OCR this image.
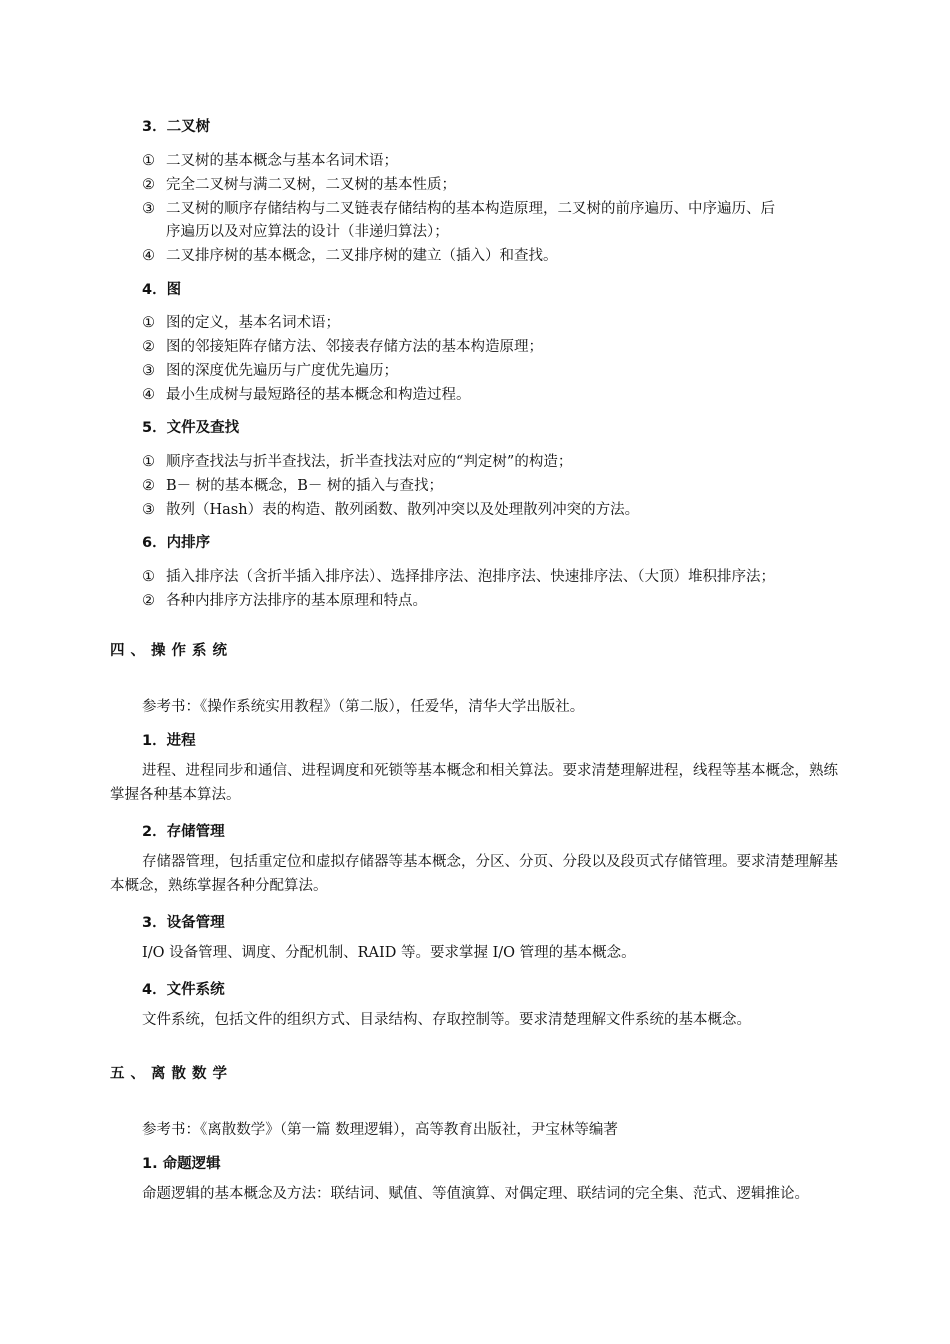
3．二叉树
① 二叉树的基本概念与基本名词术语；
② 完全二叉树与满二叉树，二叉树的基本性质；
③ 二叉树的顺序存储结构与二叉链表存储结构的基本构造原理，二叉树的前序遍历、中序遍历、后
序遍历以及对应算法的设计（非递归算法）；
④ 二叉排序树的基本概念，二叉排序树的建立（插入）和查找。
4．图
① 图的定义，基本名词术语；
② 图的邻接矩阵存储方法、邻接表存储方法的基本构造原理；
③ 图的深度优先遍历与广度优先遍历；
④ 最小生成树与最短路径的基本概念和构造过程。
5．文件及查找
① 顺序查找法与折半查找法，折半查找法对应的“判定树”的构造；
② B－ 树的基本概念，B－ 树的插入与查找；
③ 散列（Hash）表的构造、散列函数、散列冲突以及处理散列冲突的方法。
6．内排序
① 插入排序法（含折半插入排序法）、选择排序法、泡排序法、快速排序法、（大顶）堆积排序法；
② 各种内排序方法排序的基本原理和特点。
四、操作系统
参考书：《操作系统实用教程》（第二版），任爱华，清华大学出版社。
1．进程
进程、进程同步和通信、进程调度和死锁等基本概念和相关算法。要求清楚理解进程，线程等基本概念，熟练掌握各种基本算法。
2．存储管理
存储器管理，包括重定位和虚拟存储器等基本概念，分区、分页、分段以及段页式存储管理。要求清楚理解基本概念，熟练掌握各种分配算法。
3．设备管理
I/O 设备管理、调度、分配机制、RAID 等。要求掌握 I/O 管理的基本概念。
4．文件系统
文件系统，包括文件的组织方式、目录结构、存取控制等。要求清楚理解文件系统的基本概念。
五、离散数学
参考书：《离散数学》（第一篇 数理逻辑），高等教育出版社，尹宝林等编著
1. 命题逻辑
命题逻辑的基本概念及方法：联结词、赋值、等值演算、对偶定理、联结词的完全集、范式、逻辑推论。
